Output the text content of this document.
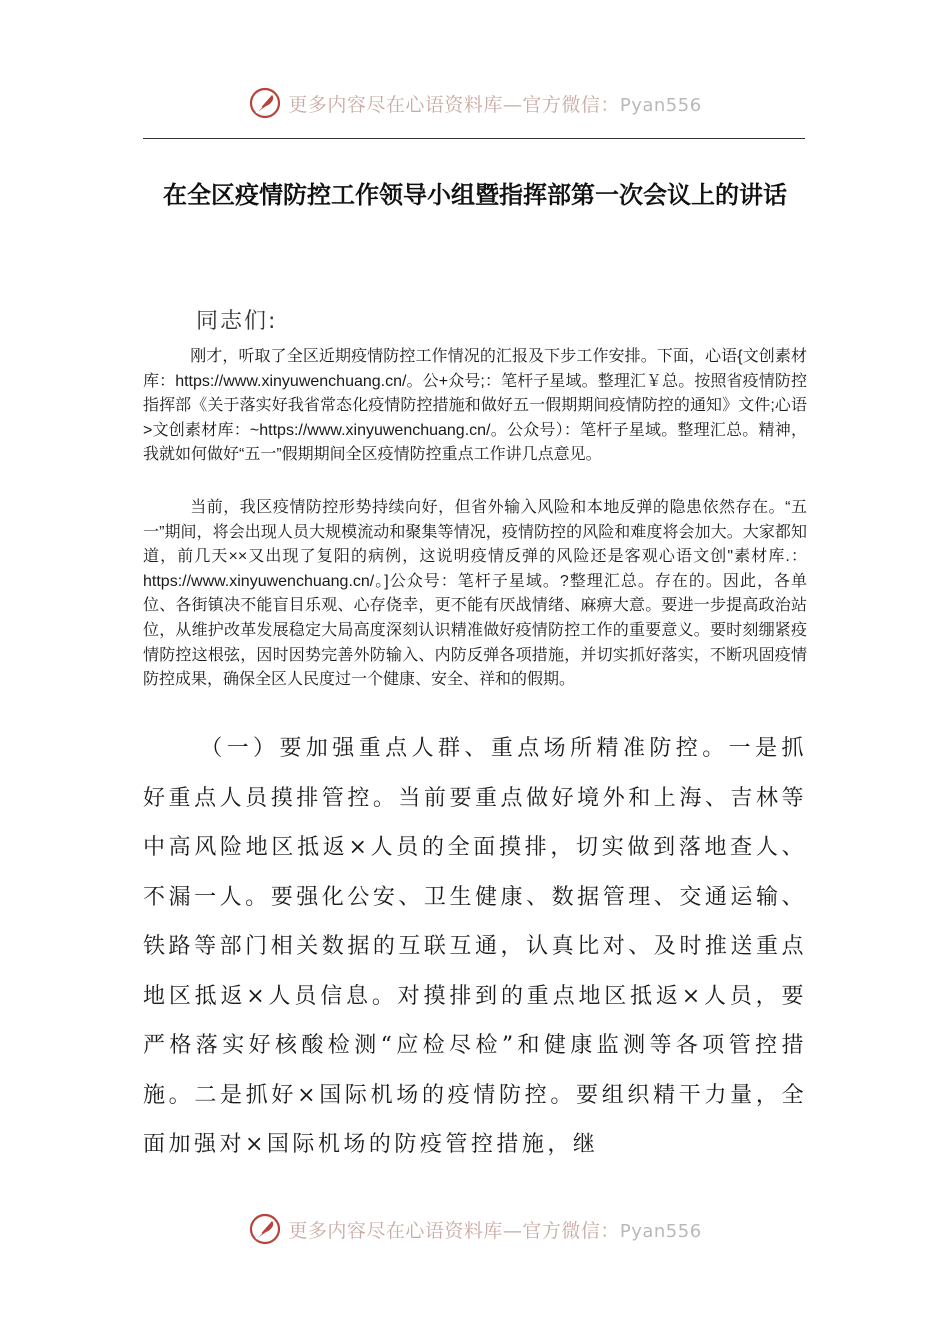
更多内容尽在心语资料库—官方微信：Pyan556
在全区疫情防控工作领导小组暨指挥部第一次会议上的讲话
同志们:

刚才，听取了全区近期疫情防控工作情况的汇报及下步工作安排。下面，心语{文创素材库：https://www.xinyuwenchuang.cn/。公+众号;：笔杆子星域。整理汇￥总。按照省疫情防控指挥部《关于落实好我省常态化疫情防控措施和做好五一假期期间疫情防控的通知》文件;心语>文创素材库：~https://www.xinyuwenchuang.cn/。公众号）：笔杆子星域。整理汇总。精神，我就如何做好“五一”假期期间全区疫情防控重点工作讲几点意见。

当前，我区疫情防控形势持续向好，但省外输入风险和本地反弹的隐患依然存在。“五一”期间，将会出现人员大规模流动和聚集等情况，疫情防控的风险和难度将会加大。大家都知道，前几天××又出现了复阳的病例，这说明疫情反弹的风险还是客观心语文创"素材库.：https://www.xinyuwenchuang.cn/。]公众号：笔杆子星域。?整理汇总。存在的。因此，各单位、各街镇决不能盲目乐观、心存侥幸，更不能有厌战情绪、麻痹大意。要进一步提高政治站位，从维护改革发展稳定大局高度深刻认识精准做好疫情防控工作的重要意义。要时刻绷紧疫情防控这根弦，因时因势完善外防输入、内防反弹各项措施，并切实抓好落实，不断巩固疫情防控成果，确保全区人民度过一个健康、安全、祥和的假期。

（一）要加强重点人群、重点场所精准防控。一是抓好重点人员摸排管控。当前要重点做好境外和上海、吉林等中高风险地区抵返×人员的全面摸排，切实做到落地查人、不漏一人。要强化公安、卫生健康、数据管理、交通运输、铁路等部门相关数据的互联互通，认真比对、及时推送重点地区抵返×人员信息。对摸排到的重点地区抵返×人员，要严格落实好核酸检测“应检尽检”和健康监测等各项管控措施。二是抓好×国际机场的疫情防控。要组织精干力量，全面加强对×国际机场的防疫管控措施，继

更多内容尽在心语资料库—官方微信：Pyan556
